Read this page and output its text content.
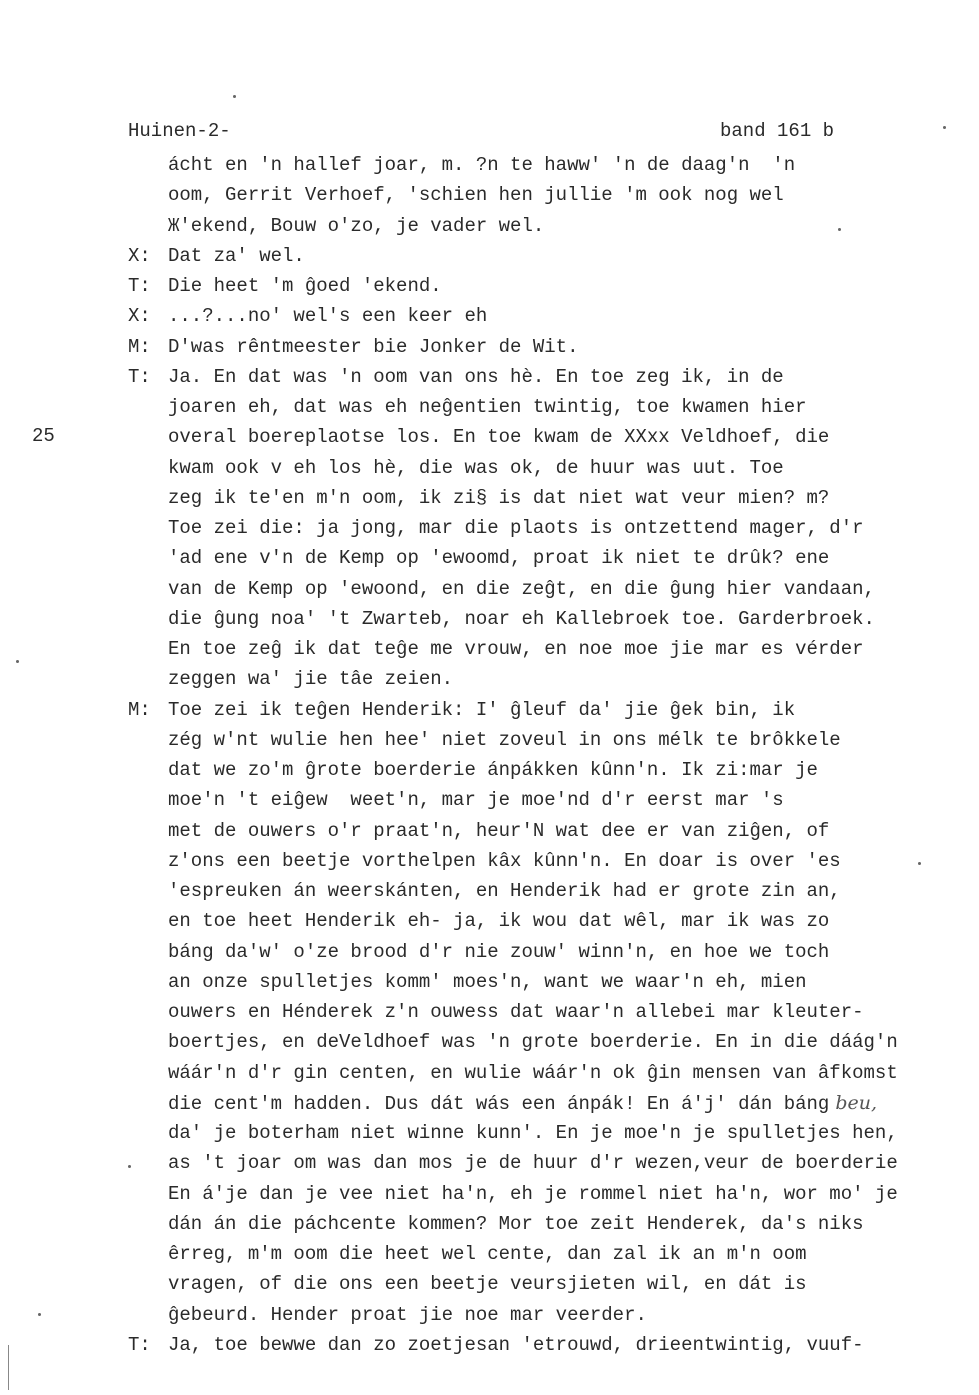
Huinen-2-	band 161 b
25
ácht en 'n hallef joar, m. ?n te haww' 'n de daag'n  'n
oom, Gerrit Verhoef, 'schien hen jullie 'm ook nog wel
Ж'ekend, Bouw o'zo, je vader wel.
X: Dat za' wel.
T: Die heet 'm ĝoed 'ekend.
X: ...?...no' wel's een keer eh
M: D'was rêntmeester bie Jonker de Wit.
T: Ja. En dat was 'n oom van ons hè. En toe zeg ik, in de
joaren eh, dat was eh neĝentien twintig, toe kwamen hier
overal boereplaotse los. En toe kwam de XXxx Veldhoef, die
kwam ook v eh los hè, die was ok, de huur was uut. Toe
zeg ik te'en m'n oom, ik zi§ is dat niet wat veur mien? m?
Toe zei die: ja jong, mar die plaots is ontzettend mager, d'r
'ad ene v'n de Kemp op 'ewoomd, proat ik niet te drûk? ene
van de Kemp op 'ewoond, en die zeĝt, en die ĝung hier vandaan,
die ĝung noa' 't Zwarteb, noar eh Kallebroek toe. Garderbroek.
En toe zeĝ ik dat teĝe me vrouw, en noe moe jie mar es vérder
zeggen wa' jie tâe zeien.
M: Toe zei ik teĝen Henderik: I' ĝleuf da' jie ĝek bin, ik
zég w'nt wulie hen hee' niet zoveul in ons mélk te brôkkele
dat we zo'm ĝrote boerderie ánpákken kûnn'n. Ik zi:mar je
moe'n 't eiĝew  weet'n, mar je moe'nd d'r eerst mar 's
met de ouwers o'r praat'n, heur'N wat dee er van ziĝen, of
z'ons een beetje vorthelpen kâx kûnn'n. En doar is over 'es
'espreuken án weerskánten, en Henderik had er grote zin an,
en toe heet Henderik eh- ja, ik wou dat wêl, mar ik was zo
báng da'w' o'ze brood d'r nie zouw' winn'n, en hoe we toch
an onze spulletjes komm' moes'n, want we waar'n eh, mien
ouwers en Hénderek z'n ouwess dat waar'n allebei mar kleuter-
boertjes, en deVeldhoef was 'n grote boerderie. En in die dáág'n
wáár'n d'r gin centen, en wulie wáár'n ok ĝin mensen van âfkomst
die cent'm hadden. Dus dát wás een ánpák! En á'j' dán báng beu,
da' je boterham niet winne kunn'. En je moe'n je spulletjes hen,
as 't joar om was dan mos je de huur d'r wezen,veur de boerderie
En á'je dan je vee niet ha'n, eh je rommel niet ha'n, wor mo' je
dán án die páchcente kommen? Mor toe zeit Henderek, da's niks
êrreg, m'm oom die heet wel cente, dan zal ik an m'n oom
vragen, of die ons een beetje veursjieten wil, en dát is
ĝebeurd. Hender proat jie noe mar veerder.
T: Ja, toe bewwe dan zo zoetjesan 'etrouwd, drieentwintig, vuuf-
